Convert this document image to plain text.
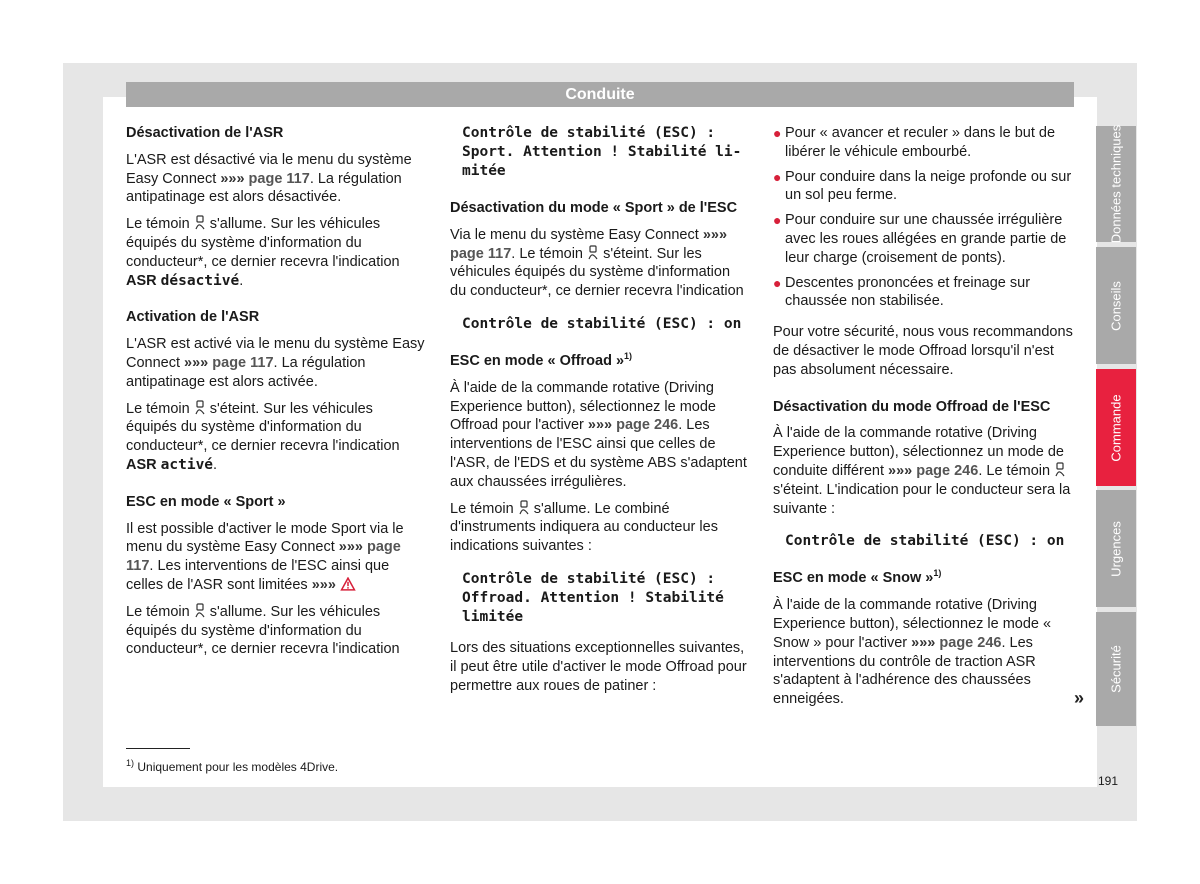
Conduite
Désactivation de l'ASR

L'ASR est désactivé via le menu du système Easy Connect »»» page 117. La régulation antipatinage est alors désactivée.

Le témoin s'allume. Sur les véhicules équipés du système d'information du conducteur*, ce dernier recevra l'indication ASR désactivé.

Activation de l'ASR

L'ASR est activé via le menu du système Easy Connect »»» page 117. La régulation antipatinage est alors activée.

Le témoin s'éteint. Sur les véhicules équipés du système d'information du conducteur*, ce dernier recevra l'indication ASR activé.

ESC en mode « Sport »

Il est possible d'activer le mode Sport via le menu du système Easy Connect »»» page 117. Les interventions de l'ESC ainsi que celles de l'ASR sont limitées »»»

Le témoin s'allume. Sur les véhicules équipés du système d'information du conducteur*, ce dernier recevra l'indication

Contrôle de stabilité (ESC) :
Sport. Attention ! Stabilité li-
mitée
Désactivation du mode « Sport » de l'ESC

Via le menu du système Easy Connect »»» page 117. Le témoin s'éteint. Sur les véhicules équipés du système d'information du conducteur*, ce dernier recevra l'indication

Contrôle de stabilité (ESC) : on
ESC en mode « Offroad »$^{1)}$

À l'aide de la commande rotative (Driving Experience button), sélectionnez le mode Offroad pour l'activer »»» page 246. Les interventions de l'ESC ainsi que celles de l'ASR, de l'EDS et du système ABS s'adaptent aux chaussées irrégulières.

Le témoin s'allume. Le combiné d'instruments indiquera au conducteur les indications suivantes :

Contrôle de stabilité (ESC) :
Offroad. Attention ! Stabilité
limitée

Lors des situations exceptionnelles suivantes, il peut être utile d'activer le mode Offroad pour permettre aux roues de patiner :

● Pour « avancer et reculer » dans le but de libérer le véhicule embourbé.
● Pour conduire dans la neige profonde ou sur un sol peu ferme.
● Pour conduire sur une chaussée irrégulière avec les roues allégées en grande partie de leur charge (croisement de ponts).
● Descentes prononcées et freinage sur chaussée non stabilisée.

Pour votre sécurité, nous vous recommandons de désactiver le mode Offroad lorsqu'il n'est pas absolument nécessaire.

Désactivation du mode Offroad de l'ESC

À l'aide de la commande rotative (Driving Experience button), sélectionnez un mode de conduite différent »»» page 246. Le témoin  s'éteint. L'indication pour le conducteur sera la suivante :

Contrôle de stabilité (ESC) : on
ESC en mode « Snow »$^{1)}$

À l'aide de la commande rotative (Driving Experience button), sélectionnez le mode « Snow » pour l'activer »»» page 246. Les interventions du contrôle de traction ASR s'adaptent à l'adhérence des chaussées enneigées.	»
Données techniques
Conseils
Commande
Urgences
Sécurité
$^{1)}$ Uniquement pour les modèles 4Drive.
191
